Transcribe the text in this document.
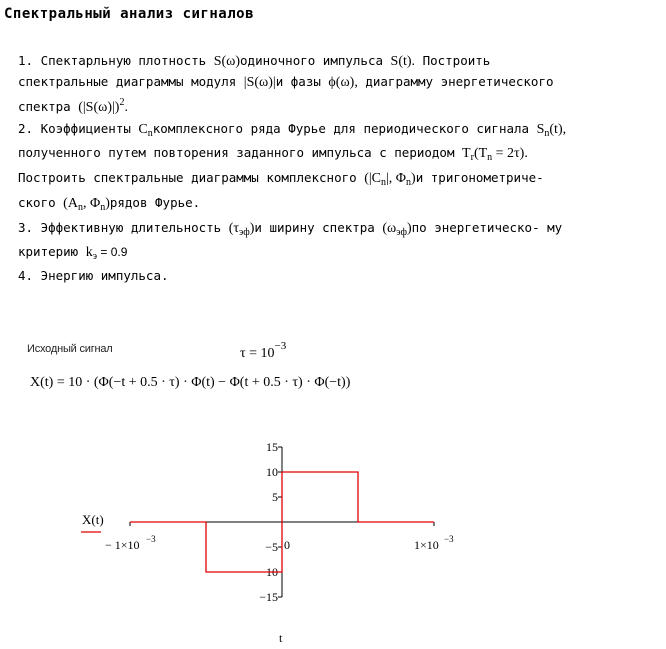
Спектральный анализ сигналов
1. Спектарльную плотность S(ω)одиночного импульса S(t). Построить
спектральные диаграммы модуля |S(ω)|и фазы ϕ(ω), диаграмму энергетического
спектра $(|S(\omega)|)^2$.
2. Коэффициенты $C_nкомплексного$ ряда Фурье для периодического сигнала $S_n(t)$,
полученного путем повторения заданного импульса с периодом $T_r(T_n = 2\tau)$.
Построить спектральные диаграммы комплексного ($|C_n|$, $\Phi_n)и$ тригонометриче-
ского ($A_n$, $\Phi_n)рядов$ Фурье.
3. Эффективную длительность $(\tau_{эф})и$ ширину спектра $(\omega_{эф})по$ энергетическо- му
критерию $k_э = 0.9$
4. Энергию импульса.
Исходный сигнал	$\tau = 10^{-3}$
X(t) = 10 · (Φ(−t + 0.5 · τ) · Φ(t) − Φ(t + 0.5 · τ) · Φ(−t))
X(t)
15
10
5
−5
−10
−15
0
− 1×10 −3	1×10 −3
t
